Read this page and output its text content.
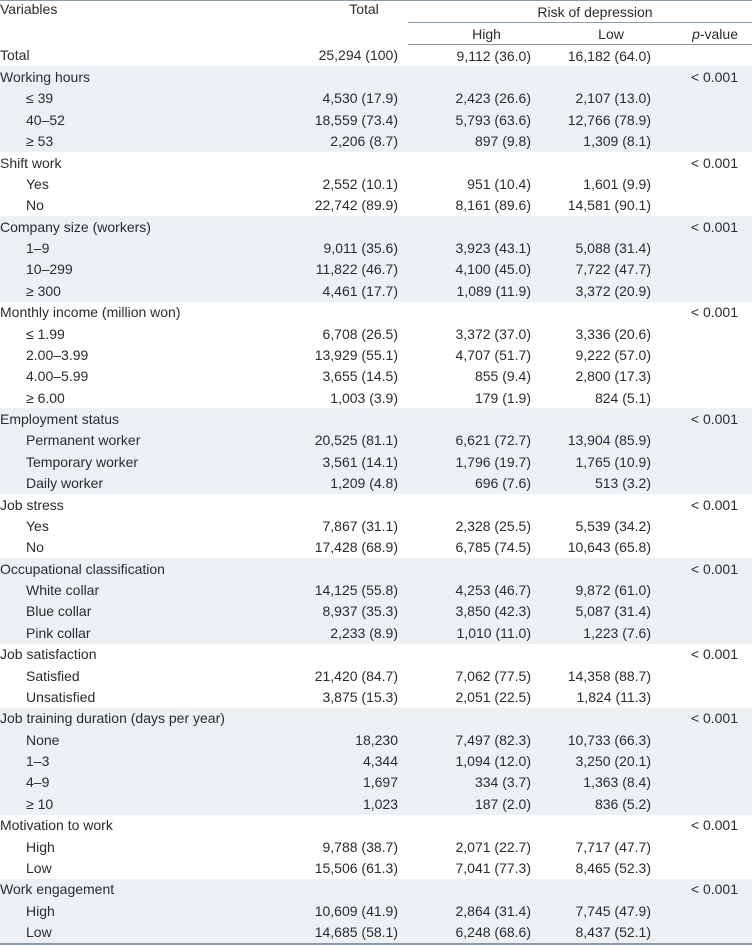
Variables	Total	Risk of depression		
		High	Low	p-value
Total	25,294 (100)	9,112 (36.0)	16,182 (64.0)	
Working hours				< 0.001
≤ 39	4,530 (17.9)	2,423 (26.6)	2,107 (13.0)	
40–52	18,559 (73.4)	5,793 (63.6)	12,766 (78.9)	
≥ 53	2,206 (8.7)	897 (9.8)	1,309 (8.1)	
Shift work				< 0.001
Yes	2,552 (10.1)	951 (10.4)	1,601 (9.9)	
No	22,742 (89.9)	8,161 (89.6)	14,581 (90.1)	
Company size (workers)				< 0.001
1–9	9,011 (35.6)	3,923 (43.1)	5,088 (31.4)	
10–299	11,822 (46.7)	4,100 (45.0)	7,722 (47.7)	
≥ 300	4,461 (17.7)	1,089 (11.9)	3,372 (20.9)	
Monthly income (million won)				< 0.001
≤ 1.99	6,708 (26.5)	3,372 (37.0)	3,336 (20.6)	
2.00–3.99	13,929 (55.1)	4,707 (51.7)	9,222 (57.0)	
4.00–5.99	3,655 (14.5)	855 (9.4)	2,800 (17.3)	
≥ 6.00	1,003 (3.9)	179 (1.9)	824 (5.1)	
Employment status				< 0.001
Permanent worker	20,525 (81.1)	6,621 (72.7)	13,904 (85.9)	
Temporary worker	3,561 (14.1)	1,796 (19.7)	1,765 (10.9)	
Daily worker	1,209 (4.8)	696 (7.6)	513 (3.2)	
Job stress				< 0.001
Yes	7,867 (31.1)	2,328 (25.5)	5,539 (34.2)	
No	17,428 (68.9)	6,785 (74.5)	10,643 (65.8)	
Occupational classification				< 0.001
White collar	14,125 (55.8)	4,253 (46.7)	9,872 (61.0)	
Blue collar	8,937 (35.3)	3,850 (42.3)	5,087 (31.4)	
Pink collar	2,233 (8.9)	1,010 (11.0)	1,223 (7.6)	
Job satisfaction				< 0.001
Satisfied	21,420 (84.7)	7,062 (77.5)	14,358 (88.7)	
Unsatisfied	3,875 (15.3)	2,051 (22.5)	1,824 (11.3)	
Job training duration (days per year)				< 0.001
None	18,230	7,497 (82.3)	10,733 (66.3)	
1–3	4,344	1,094 (12.0)	3,250 (20.1)	
4–9	1,697	334 (3.7)	1,363 (8.4)	
≥ 10	1,023	187 (2.0)	836 (5.2)	
Motivation to work				< 0.001
High	9,788 (38.7)	2,071 (22.7)	7,717 (47.7)	
Low	15,506 (61.3)	7,041 (77.3)	8,465 (52.3)	
Work engagement				< 0.001
High	10,609 (41.9)	2,864 (31.4)	7,745 (47.9)	
Low	14,685 (58.1)	6,248 (68.6)	8,437 (52.1)	
